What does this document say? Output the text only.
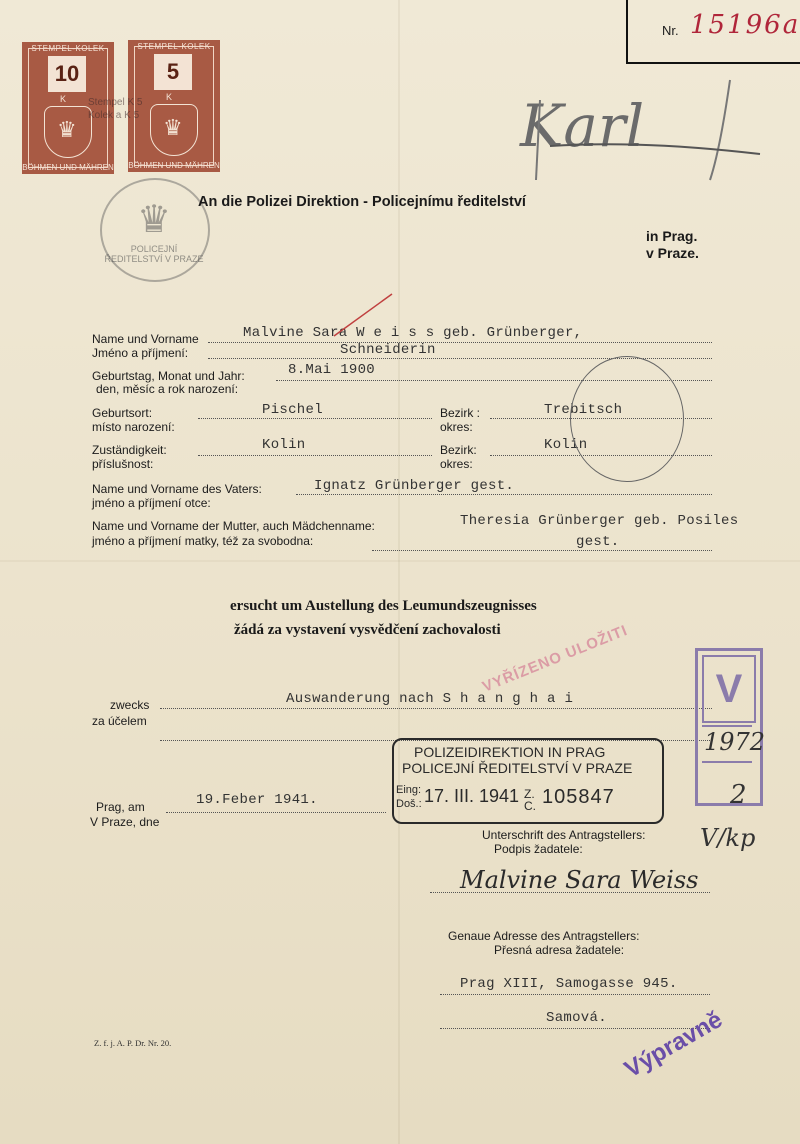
Nr. 15196a
STEMPEL-KOLEK
10
K
♛
BÖHMEN UND MÄHREN
STEMPEL-KOLEK
5
K
♛
BÖHMEN UND MÄHREN
Stempel K 5 Kolek a K 5
♛
POLICEJNÍ ŘEDITELSTVÍ V PRAZE
Karl
An die Polizei Direktion - Policejnímu ředitelství
in Prag.
v Praze.
Name und Vorname
Jméno a příjmení:
Malvine Sara W e i s s geb. Grünberger,
Schneiderin
Geburtstag, Monat und Jahr:
den, měsíc a rok narození:
8.Mai 1900
Geburtsort:
místo narození:
Pischel	Bezirk :
okres:
Trebitsch
Zuständigkeit:
příslušnost:
Kolin	Bezirk:
okres:
Kolin
Name und Vorname des Vaters:
jméno a příjmení otce:
Ignatz Grünberger gest.
Name und Vorname der Mutter, auch Mädchenname:
jméno a příjmení matky, též za svobodna:
Theresia Grünberger geb. Posiles
gest.
ersucht um Austellung des Leumundszeugnisses
žádá za vystavení vysvědčení zachovalosti
VYŘÍZENO ULOŽITI
zwecks
za účelem
Auswanderung nach S h a n g h a i
Prag, am
V Praze, dne
19.Feber 1941.
POLIZEIDIREKTION IN PRAG
POLICEJNÍ ŘEDITELSTVÍ V PRAZE
Eing:
Doš.: 17. III. 1941 Z. C. 105847
V
1972
2
V/kp
Unterschrift des Antragstellers:
Podpis žadatele:
Malvine Sara Weiss
Genaue Adresse des Antragstellers:
Přesná adresa žadatele:
Prag XIII, Samogasse 945.
Samová.
Z. f. j. A. P. Dr. Nr. 20.	Výpravně
